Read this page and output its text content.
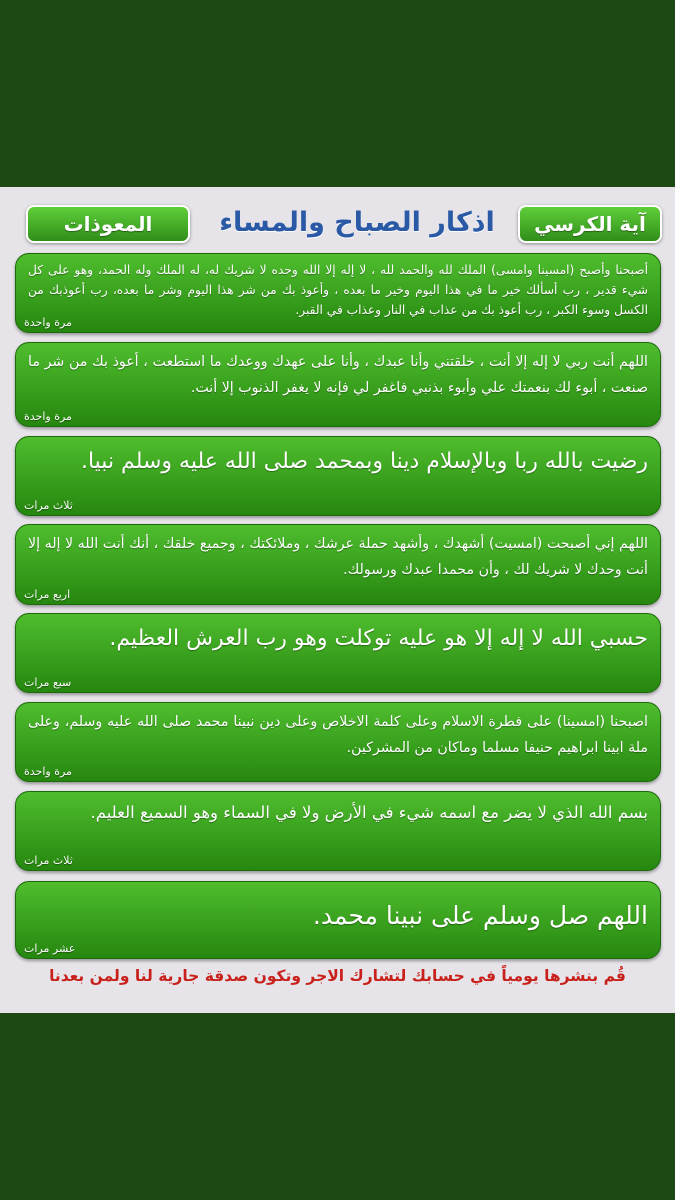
آية الكرسي
اذكار الصباح والمساء
المعوذات
أصبحنا وأصبح (امسينا وامسى) الملك لله والحمد لله ، لا إله إلا الله وحده لا شريك له، له الملك وله الحمد، وهو على كل شيء قدير ، رب أسألك خير ما في هذا اليوم وخير ما بعده ، وأعوذ بك من شر هذا اليوم وشر ما بعده، رب أعوذبك من الكسل وسوء الكبر ، رب أعوذ بك من عذاب في النار وعذاب في القبر.
مرة واحدة
اللهم أنت ربي لا إله إلا أنت ، خلقتني وأنا عبدك ، وأنا على عهدك ووعدك ما استطعت ، أعوذ بك من شر ما صنعت ، أبوء لك بنعمتك علي وأبوء بذنبي فاغفر لي فإنه لا يغفر الذنوب إلا أنت.
مرة واحدة
رضيت بالله ربا وبالإسلام دينا وبمحمد صلى الله عليه وسلم نبيا.
ثلاث مرات
اللهم إني أصبحت (امسيت) أشهدك ، وأشهد حملة عرشك ، وملائكتك ، وجميع خلقك ، أنك أنت الله لا إله إلا أنت وحدك لا شريك لك ، وأن محمدا عبدك ورسولك.
اربع مرات
حسبي الله لا إله إلا هو عليه توكلت وهو رب العرش العظيم.
سبع مرات
اصبحنا (امسينا) على فطرة الاسلام وعلى كلمة الاخلاص وعلى دين نبينا محمد صلى الله عليه وسلم، وعلى ملة ابينا ابراهيم حنيفا مسلما وماكان من المشركين.
مرة واحدة
بسم الله الذي لا يضر مع اسمه شيء في الأرض ولا في السماء وهو السميع العليم.
ثلاث مرات
اللهم صل وسلم على نبينا محمد.
عشر مرات
قُم بنشرها يومياً في حسابك لتشارك الاجر وتكون صدقة جارية لنا ولمن بعدنا
